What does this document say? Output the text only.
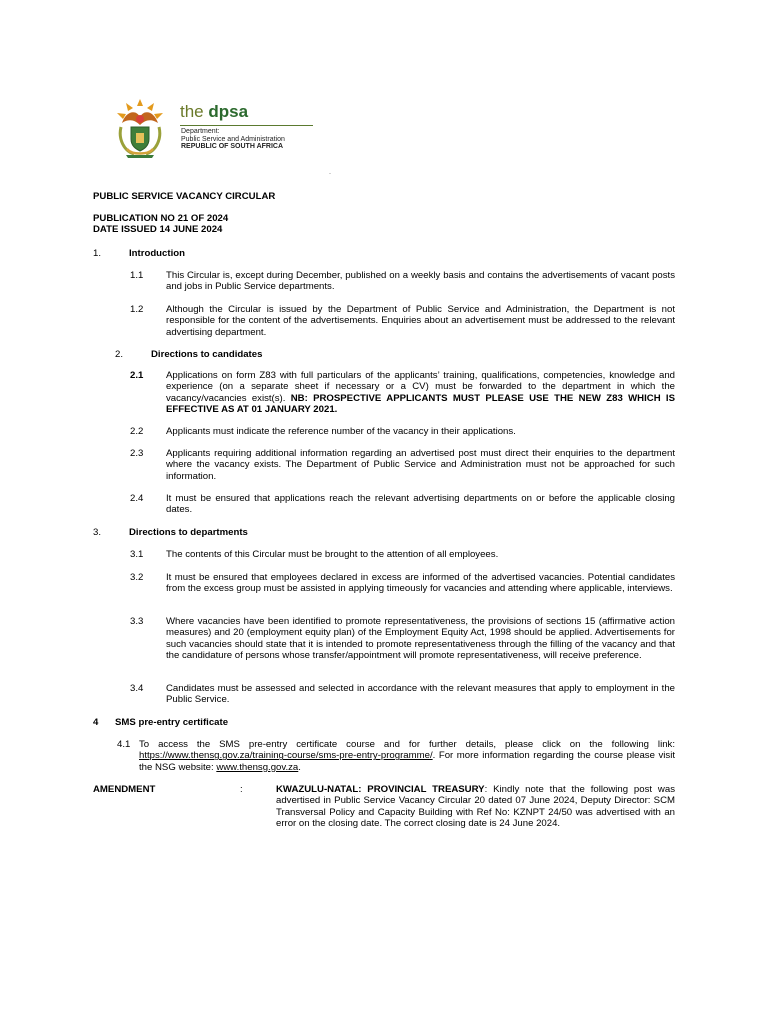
the dpsa
Department:
Public Service and Administration
REPUBLIC OF SOUTH AFRICA
·
PUBLIC SERVICE VACANCY CIRCULAR
PUBLICATION NO 21 OF 2024
DATE ISSUED 14 JUNE 2024
1.	Introduction
1.1 This Circular is, except during December, published on a weekly basis and contains the advertisements of vacant posts and jobs in Public Service departments.
1.2 Although the Circular is issued by the Department of Public Service and Administration, the Department is not responsible for the content of the advertisements. Enquiries about an advertisement must be addressed to the relevant advertising department.
2.	Directions to candidates
2.1 Applications on form Z83 with full particulars of the applicants’ training, qualifications, competencies, knowledge and experience (on a separate sheet if necessary or a CV) must be forwarded to the department in which the vacancy/vacancies exist(s). NB: PROSPECTIVE APPLICANTS MUST PLEASE USE THE NEW Z83 WHICH IS EFFECTIVE AS AT 01 JANUARY 2021.
2.2 Applicants must indicate the reference number of the vacancy in their applications.
2.3 Applicants requiring additional information regarding an advertised post must direct their enquiries to the department where the vacancy exists. The Department of Public Service and Administration must not be approached for such information.
2.4 It must be ensured that applications reach the relevant advertising departments on or before the applicable closing dates.
3.	Directions to departments
3.1 The contents of this Circular must be brought to the attention of all employees.
3.2 It must be ensured that employees declared in excess are informed of the advertised vacancies. Potential candidates from the excess group must be assisted in applying timeously for vacancies and attending where applicable, interviews.
3.3 Where vacancies have been identified to promote representativeness, the provisions of sections 15 (affirmative action measures) and 20 (employment equity plan) of the Employment Equity Act, 1998 should be applied. Advertisements for such vacancies should state that it is intended to promote representativeness through the filling of the vacancy and that the candidature of persons whose transfer/appointment will promote representativeness, will receive preference.
3.4 Candidates must be assessed and selected in accordance with the relevant measures that apply to employment in the Public Service.
4 SMS pre-entry certificate
4.1 To access the SMS pre-entry certificate course and for further details, please click on the following link: https://www.thensg.gov.za/training-course/sms-pre-entry-programme/. For more information regarding the course please visit the NSG website: www.thensg.gov.za.
AMENDMENT	:	KWAZULU-NATAL: PROVINCIAL TREASURY: Kindly note that the following post was advertised in Public Service Vacancy Circular 20 dated 07 June 2024, Deputy Director: SCM Transversal Policy and Capacity Building with Ref No: KZNPT 24/50 was advertised with an error on the closing date. The correct closing date is 24 June 2024.
